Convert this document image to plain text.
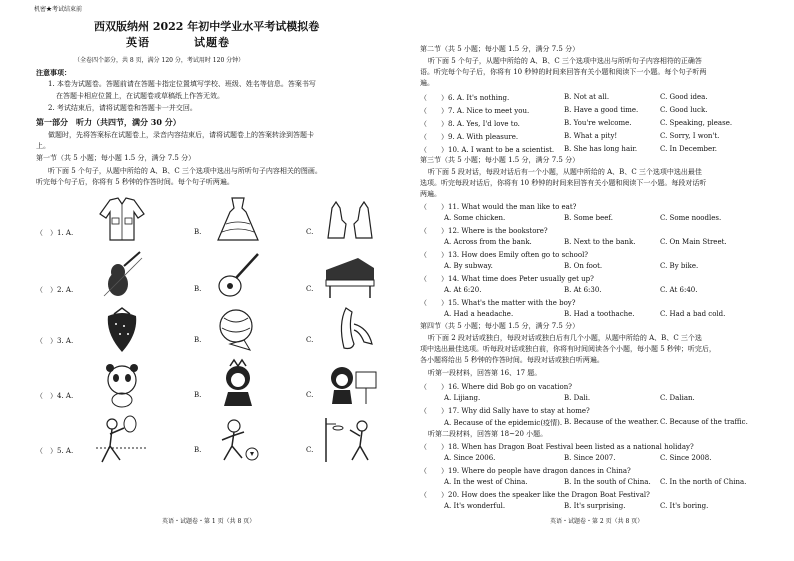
机密★考试结束前
西双版纳州 2022 年初中学业水平考试模拟卷
英语	试题卷
（全卷四个部分，共 8 页，满分 120 分，考试用时 120 分钟）
注意事项：
1. 本卷为试题卷。答题前请在答题卡指定位置填写学校、班级、姓名等信息。答案书写
在答题卡相应位置上，在试题卷或草稿纸上作答无效。
2. 考试结束后，请将试题卷和答题卡一并交回。
第一部分　听力（共四节，满分 30 分）
做题时，先将答案标在试题卷上，录音内容结束后，请将试题卷上的答案转涂到答题卡
上。
第一节（共 5 小题；每小题 1.5 分，满分 7.5 分）
听下面 5 个句子，从题中所给的 A、B、C 三个选项中选出与所听句子内容相关的图画。
听完每个句子后，你将有 5 秒钟的作答时间。每个句子听两遍。
（　）1. A.	B.	C.
（　）2. A.	B.	C.
（　）3. A.	B.	C.
（　）4. A.	B.	C.
（　）5. A.	B.	C.
英语・试题卷・第 1 页（共 8 页）
第二节（共 5 小题；每小题 1.5 分，满分 7.5 分）
听下面 5 个句子，从题中所给的 A、B、C 三个选项中选出与所听句子内容相符的正确答
语。听完每个句子后，你将有 10 秒钟的时间来回答有关小题和阅读下一小题。每个句子听两
遍。
（　　）6. A. It's nothing.	B. Not at all.	C. Good idea.
（　　）7. A. Nice to meet you.	B. Have a good time.	C. Good luck.
（　　）8. A. Yes, I'd love to.	B. You're welcome.	C. Speaking, please.
（　　）9. A. With pleasure.	B. What a pity!	C. Sorry, I won't.
（　　）10. A. I want to be a scientist. B. She has long hair.	C. In December.
第三节（共 5 小题；每小题 1.5 分，满分 7.5 分）
听下面 5 段对话，每段对话后有一个小题，从题中所给的 A、B、C 三个选项中选出最佳
选项。听完每段对话后，你将有 10 秒钟的时间来回答有关小题和阅读下一小题。每段对话听
两遍。
（　　）11. What would the man like to eat?
A. Some chicken.	B. Some beef.	C. Some noodles.
（　　）12. Where is the bookstore?
A. Across from the bank.	B. Next to the bank.	C. On Main Street.
（　　）13. How does Emily often go to school?
A. By subway.	B. On foot.	C. By bike.
（　　）14. What time does Peter usually get up?
A. At 6:20.	B. At 6:30.	C. At 6:40.
（　　）15. What's the matter with the boy?
A. Had a headache.	B. Had a toothache.	C. Had a bad cold.
第四节（共 5 小题；每小题 1.5 分，满分 7.5 分）
听下面 2 段对话或独白，每段对话或独白后有几个小题，从题中所给的 A、B、C 三个选
项中选出最佳选项。听每段对话或独白前，你将有时间阅读各个小题，每小题 5 秒钟；听完后，
各小题将给出 5 秒钟的作答时间。每段对话或独白听两遍。
听第一段材料，回答第 16、17 题。
（　　）16. Where did Bob go on vacation?
A. Lijiang.	B. Dali.	C. Dalian.
（　　）17. Why did Sally have to stay at home?
A. Because of the epidemic(疫情). B. Because of the weather. C. Because of the traffic.
听第二段材料，回答第 18~20 小题。
（　　）18. When has Dragon Boat Festival been listed as a national holiday?
A. Since 2006.	B. Since 2007.	C. Since 2008.
（　　）19. Where do people have dragon dances in China?
A. In the west of China.	B. In the south of China. C. In the north of China.
（　　）20. How does the speaker like the Dragon Boat Festival?
A. It's wonderful.	B. It's surprising.	C. It's boring.
英语・试题卷・第 2 页（共 8 页）
